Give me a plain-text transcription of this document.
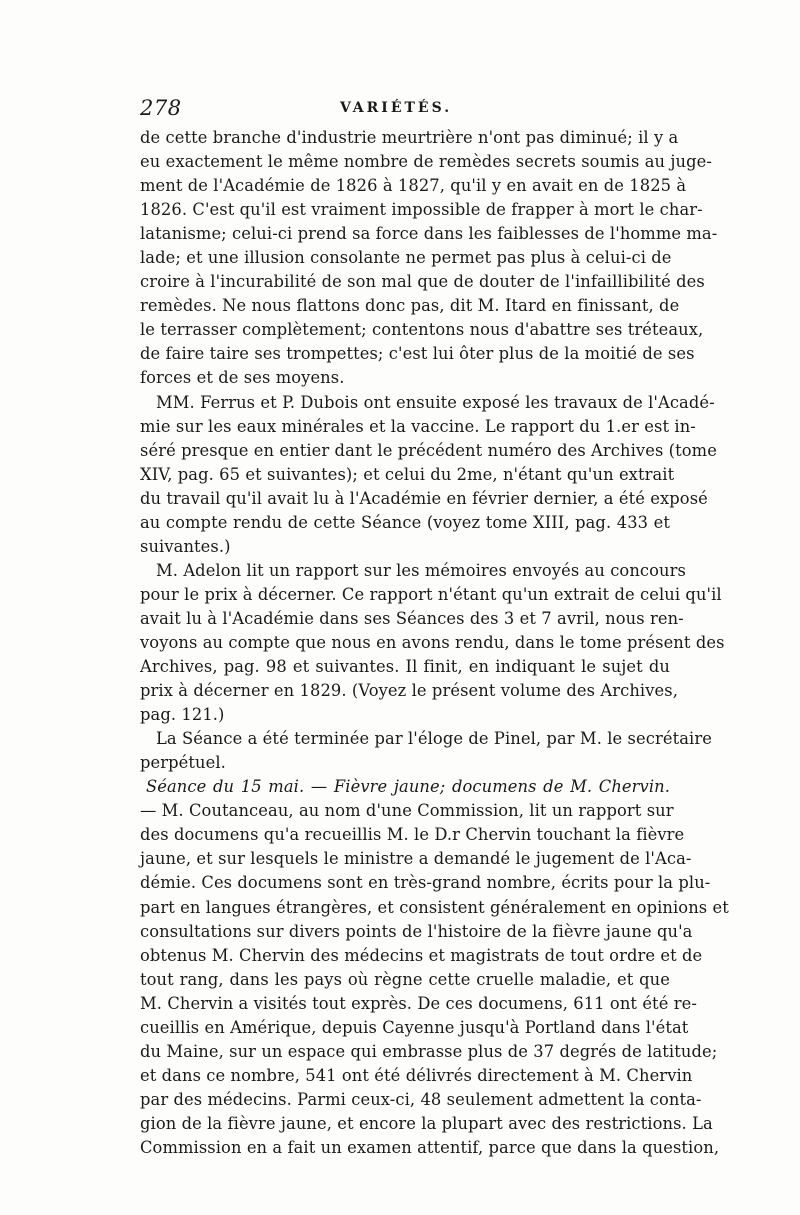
278	VARIÉTÉS.
de cette branche d'industrie meurtrière n'ont pas diminué; il y a
eu exactement le même nombre de remèdes secrets soumis au juge-
ment de l'Académie de 1826 à 1827, qu'il y en avait en de 1825 à
1826. C'est qu'il est vraiment impossible de frapper à mort le char-
latanisme; celui-ci prend sa force dans les faiblesses de l'homme ma-
lade; et une illusion consolante ne permet pas plus à celui-ci de
croire à l'incurabilité de son mal que de douter de l'infaillibilité des
remèdes. Ne nous flattons donc pas, dit M. Itard en finissant, de
le terrasser complètement; contentons nous d'abattre ses tréteaux,
de faire taire ses trompettes; c'est lui ôter plus de la moitié de ses
forces et de ses moyens.
MM. Ferrus et P. Dubois ont ensuite exposé les travaux de l'Acadé-
mie sur les eaux minérales et la vaccine. Le rapport du 1.er est in-
séré presque en entier dant le précédent numéro des Archives (tome
XIV, pag. 65 et suivantes); et celui du 2me, n'étant qu'un extrait
du travail qu'il avait lu à l'Académie en février dernier, a été exposé
au compte rendu de cette Séance (voyez tome XIII, pag. 433 et
suivantes.)
M. Adelon lit un rapport sur les mémoires envoyés au concours
pour le prix à décerner. Ce rapport n'étant qu'un extrait de celui qu'il
avait lu à l'Académie dans ses Séances des 3 et 7 avril, nous ren-
voyons au compte que nous en avons rendu, dans le tome présent des
Archives, pag. 98 et suivantes. Il finit, en indiquant le sujet du
prix à décerner en 1829. (Voyez le présent volume des Archives,
pag. 121.)
La Séance a été terminée par l'éloge de Pinel, par M. le secrétaire
perpétuel.
Séance du 15 mai. — Fièvre jaune; documens de M. Chervin.
— M. Coutanceau, au nom d'une Commission, lit un rapport sur
des documens qu'a recueillis M. le D.r Chervin touchant la fièvre
jaune, et sur lesquels le ministre a demandé le jugement de l'Aca-
démie. Ces documens sont en très-grand nombre, écrits pour la plu-
part en langues étrangères, et consistent généralement en opinions et
consultations sur divers points de l'histoire de la fièvre jaune qu'a
obtenus M. Chervin des médecins et magistrats de tout ordre et de
tout rang, dans les pays où règne cette cruelle maladie, et que
M. Chervin a visités tout exprès. De ces documens, 611 ont été re-
cueillis en Amérique, depuis Cayenne jusqu'à Portland dans l'état
du Maine, sur un espace qui embrasse plus de 37 degrés de latitude;
et dans ce nombre, 541 ont été délivrés directement à M. Chervin
par des médecins. Parmi ceux-ci, 48 seulement admettent la conta-
gion de la fièvre jaune, et encore la plupart avec des restrictions. La
Commission en a fait un examen attentif, parce que dans la question,
